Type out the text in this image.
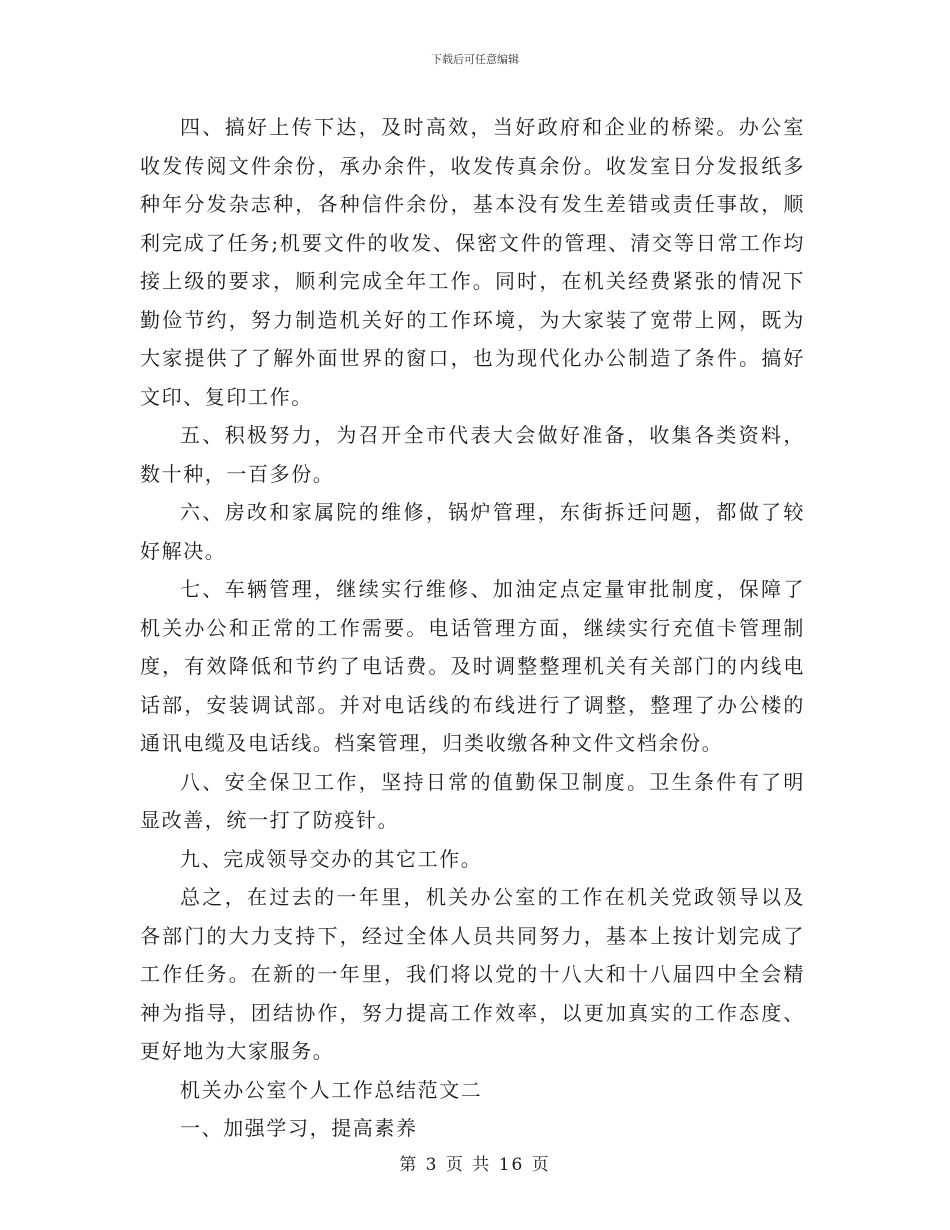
下载后可任意编辑

四、搞好上传下达，及时高效，当好政府和企业的桥梁。办公室收发传阅文件余份，承办余件，收发传真余份。收发室日分发报纸多种年分发杂志种，各种信件余份，基本没有发生差错或责任事故，顺利完成了任务;机要文件的收发、保密文件的管理、清交等日常工作均接上级的要求，顺利完成全年工作。同时，在机关经费紧张的情况下勤俭节约，努力制造机关好的工作环境，为大家装了宽带上网，既为大家提供了了解外面世界的窗口，也为现代化办公制造了条件。搞好文印、复印工作。

五、积极努力，为召开全市代表大会做好准备，收集各类资料，数十种，一百多份。

六、房改和家属院的维修，锅炉管理，东街拆迁问题，都做了较好解决。

七、车辆管理，继续实行维修、加油定点定量审批制度，保障了机关办公和正常的工作需要。电话管理方面，继续实行充值卡管理制度，有效降低和节约了电话费。及时调整整理机关有关部门的内线电话部，安装调试部。并对电话线的布线进行了调整，整理了办公楼的通讯电缆及电话线。档案管理，归类收缴各种文件文档余份。

八、安全保卫工作，坚持日常的值勤保卫制度。卫生条件有了明显改善，统一打了防疫针。

九、完成领导交办的其它工作。

总之，在过去的一年里，机关办公室的工作在机关党政领导以及各部门的大力支持下，经过全体人员共同努力，基本上按计划完成了工作任务。在新的一年里，我们将以党的十八大和十八届四中全会精神为指导，团结协作，努力提高工作效率，以更加真实的工作态度、更好地为大家服务。

机关办公室个人工作总结范文二

一、加强学习，提高素养

第 3 页 共 16 页
